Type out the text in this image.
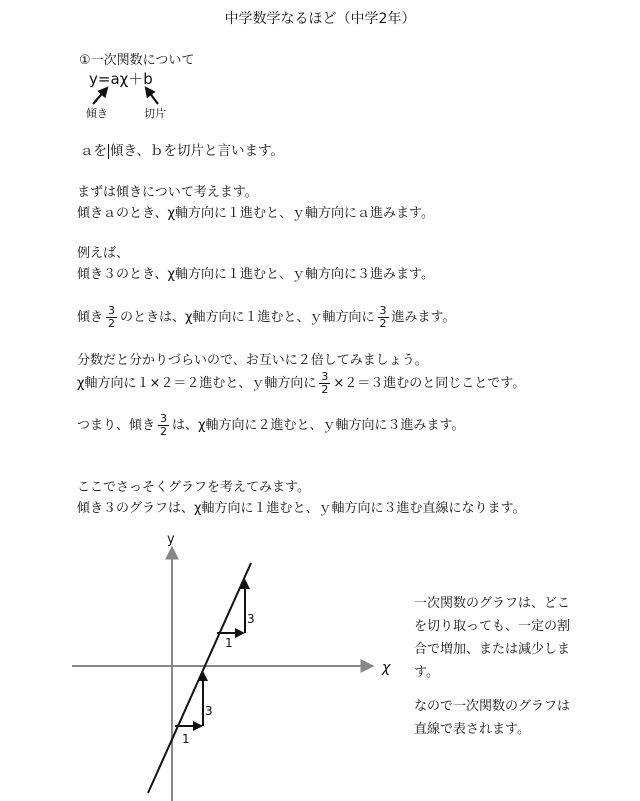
中学数学なるほど（中学2年）
①一次関数について
y=aχ＋b
傾き	切片
ａを 傾き、ｂを切片と言います。
まずは傾きについて考えます。
傾きａのとき、χ軸方向に１進むと、ｙ軸方向にａ進みます。
例えば、
傾き３のとき、χ軸方向に１進むと、ｙ軸方向に３進みます。
傾き $\frac{3}{2}$ のときは、χ軸方向に１進むと、ｙ軸方向に $\frac{3}{2}$ 進みます。
分数だと分かりづらいので、お互いに２倍してみましょう。
χ軸方向に１×２＝２進むと、ｙ軸方向に $\frac{3}{2} \times 2=3$進むのと同じことです。
つまり、傾き $\frac{3}{2}$ は、χ軸方向に２進むと、ｙ軸方向に３進みます。
ここでさっそくグラフを考えてみます。
傾き３のグラフは、χ軸方向に１進むと、ｙ軸方向に３進む直線になります。
y
χ
1
3
1
3
一次関数のグラフは、どこを切り取っても、一定の割合で増加、または減少します。
なので一次関数のグラフは直線で表されます。
